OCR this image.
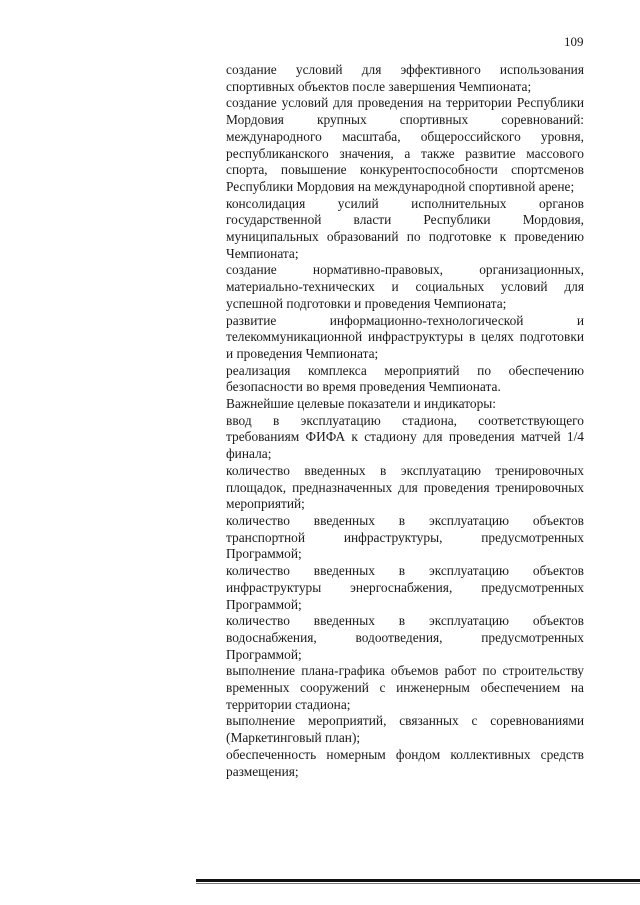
109

создание условий для эффективного использования спортивных объектов после завершения Чемпионата;

создание условий для проведения на территории Республики Мордовия крупных спортивных соревнований: международного масштаба, общероссийского уровня, республиканского значения, а также развитие массового спорта, повышение конкурентоспособности спортсменов Республики Мордовия на международной спортивной арене;

консолидация усилий исполнительных органов государственной власти Республики Мордовия, муниципальных образований по подготовке к проведению Чемпионата;

создание нормативно-правовых, организационных, материально-технических и социальных условий для успешной подготовки и проведения Чемпионата;

развитие информационно-технологической и телекоммуникационной инфраструктуры в целях подготовки и проведения Чемпионата;

реализация комплекса мероприятий по обеспечению безопасности во время проведения Чемпионата.

Важнейшие целевые показатели и индикаторы:

ввод в эксплуатацию стадиона, соответствующего требованиям ФИФА к стадиону для проведения матчей 1/4 финала;

количество введенных в эксплуатацию тренировочных площадок, предназначенных для проведения тренировочных мероприятий;

количество введенных в эксплуатацию объектов транспортной инфраструктуры, предусмотренных Программой;

количество введенных в эксплуатацию объектов инфраструктуры энергоснабжения, предусмотренных Программой;

количество введенных в эксплуатацию объектов водоснабжения, водоотведения, предусмотренных Программой;

выполнение плана-графика объемов работ по строительству временных сооружений с инженерным обеспечением на территории стадиона;

выполнение мероприятий, связанных с соревнованиями (Маркетинговый план);

обеспеченность номерным фондом коллективных средств размещения;
